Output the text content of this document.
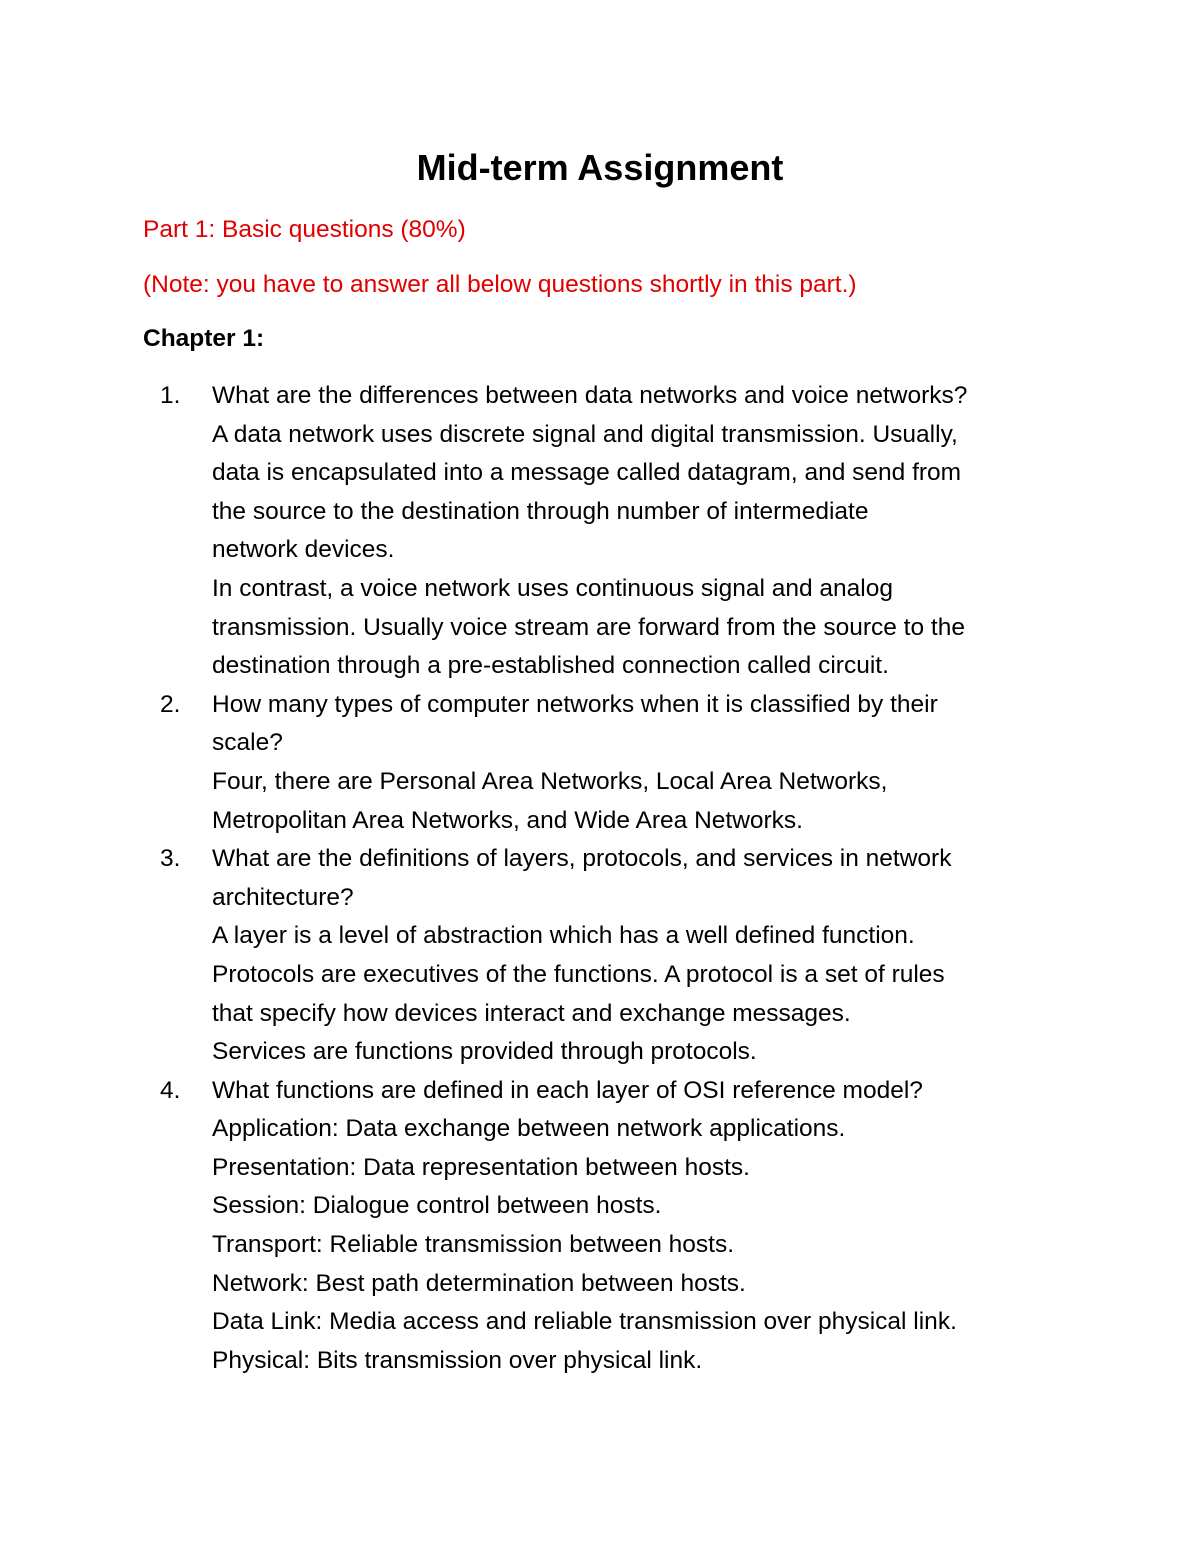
Mid-term Assignment
Part 1: Basic questions (80%)
(Note: you have to answer all below questions shortly in this part.)
Chapter 1:
1.	What are the differences between data networks and voice networks?
A data network uses discrete signal and digital transmission. Usually,
data is encapsulated into a message called datagram, and send from
the source to the destination through number of intermediate
network devices.
In contrast, a voice network uses continuous signal and analog
transmission. Usually voice stream are forward from the source to the
destination through a pre-established connection called circuit.
2.	How many types of computer networks when it is classified by their
scale?
Four, there are Personal Area Networks, Local Area Networks,
Metropolitan Area Networks, and Wide Area Networks.
3.	What are the definitions of layers, protocols, and services in network
architecture?
A layer is a level of abstraction which has a well defined function.
Protocols are executives of the functions. A protocol is a set of rules
that specify how devices interact and exchange messages.
Services are functions provided through protocols.
4.	What functions are defined in each layer of OSI reference model?
Application: Data exchange between network applications.
Presentation: Data representation between hosts.
Session: Dialogue control between hosts.
Transport: Reliable transmission between hosts.
Network: Best path determination between hosts.
Data Link: Media access and reliable transmission over physical link.
Physical: Bits transmission over physical link.
